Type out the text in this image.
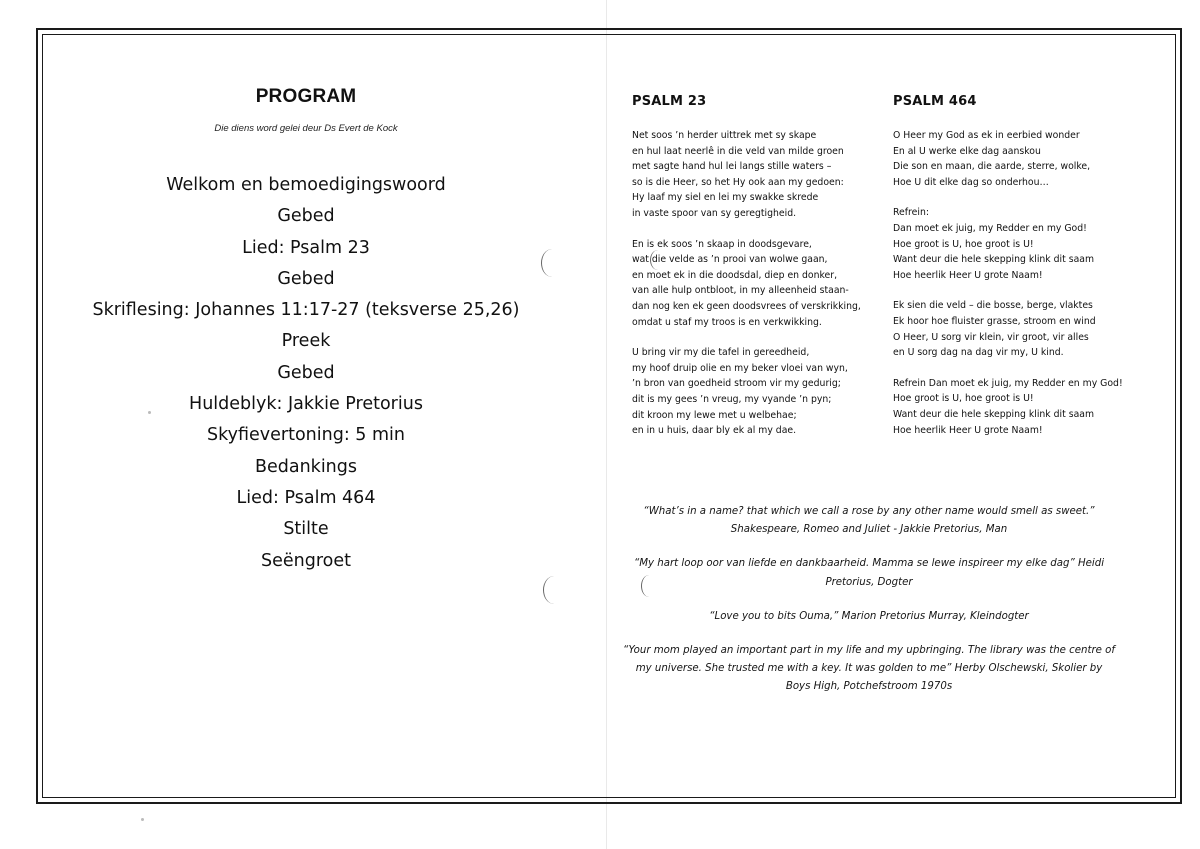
PROGRAM
Die diens word gelei deur Ds Evert de Kock
Welkom en bemoedigingswoord
Gebed
Lied: Psalm 23
Gebed
Skriflesing: Johannes 11:17-27 (teksverse 25,26)
Preek
Gebed
Huldeblyk: Jakkie Pretorius
Skyfievertoning: 5 min
Bedankings
Lied: Psalm 464
Stilte
Seëngroet
PSALM 23
Net soos ’n herder uittrek met sy skape
en hul laat neerlê in die veld van milde groen
met sagte hand hul lei langs stille waters –
so is die Heer, so het Hy ook aan my gedoen:
Hy laaf my siel en lei my swakke skrede
in vaste spoor van sy geregtigheid.
En is ek soos ’n skaap in doodsgevare,
wat die velde as ’n prooi van wolwe gaan,
en moet ek in die doodsdal, diep en donker,
van alle hulp ontbloot, in my alleenheid staan-
dan nog ken ek geen doodsvrees of verskrikking,
omdat u staf my troos is en verkwikking.
U bring vir my die tafel in gereedheid,
my hoof druip olie en my beker vloei van wyn,
’n bron van goedheid stroom vir my gedurig;
dit is my gees ’n vreug, my vyande ’n pyn;
dit kroon my lewe met u welbehae;
en in u huis, daar bly ek al my dae.
PSALM 464
O Heer my God as ek in eerbied wonder
En al U werke elke dag aanskou
Die son en maan, die aarde, sterre, wolke,
Hoe U dit elke dag so onderhou…
Refrein:
Dan moet ek juig, my Redder en my God!
Hoe groot is U, hoe groot is U!
Want deur die hele skepping klink dit saam
Hoe heerlik Heer U grote Naam!
Ek sien die veld – die bosse, berge, vlaktes
Ek hoor hoe fluister grasse, stroom en wind
O Heer, U sorg vir klein, vir groot, vir alles
en U sorg dag na dag vir my, U kind.
Refrein Dan moet ek juig, my Redder en my God!
Hoe groot is U, hoe groot is U!
Want deur die hele skepping klink dit saam
Hoe heerlik Heer U grote Naam!

“What’s in a name? that which we call a rose by any other name would smell as sweet.” Shakespeare, Romeo and Juliet - Jakkie Pretorius, Man

“My hart loop oor van liefde en dankbaarheid. Mamma se lewe inspireer my elke dag” Heidi Pretorius, Dogter

“Love you to bits Ouma,” Marion Pretorius Murray, Kleindogter

“Your mom played an important part in my life and my upbringing. The library was the centre of my universe. She trusted me with a key. It was golden to me” Herby Olschewski, Skolier by Boys High, Potchefstroom 1970s
